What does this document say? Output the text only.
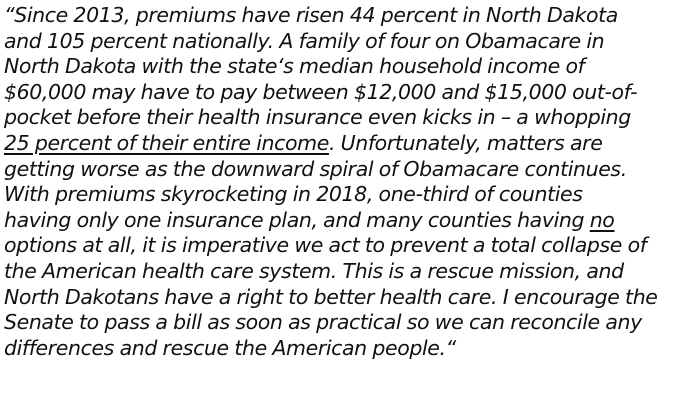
“Since 2013, premiums have risen 44 percent in North Dakota
and 105 percent nationally. A family of four on Obamacare in
North Dakota with the state‘s median household income of
$60,000 may have to pay between $12,000 and $15,000 out-of-
pocket before their health insurance even kicks in – a whopping
25 percent of their entire income. Unfortunately, matters are
getting worse as the downward spiral of Obamacare continues.
With premiums skyrocketing in 2018, one-third of counties
having only one insurance plan, and many counties having no
options at all, it is imperative we act to prevent a total collapse of
the American health care system. This is a rescue mission, and
North Dakotans have a right to better health care. I encourage the
Senate to pass a bill as soon as practical so we can reconcile any
differences and rescue the American people.“
